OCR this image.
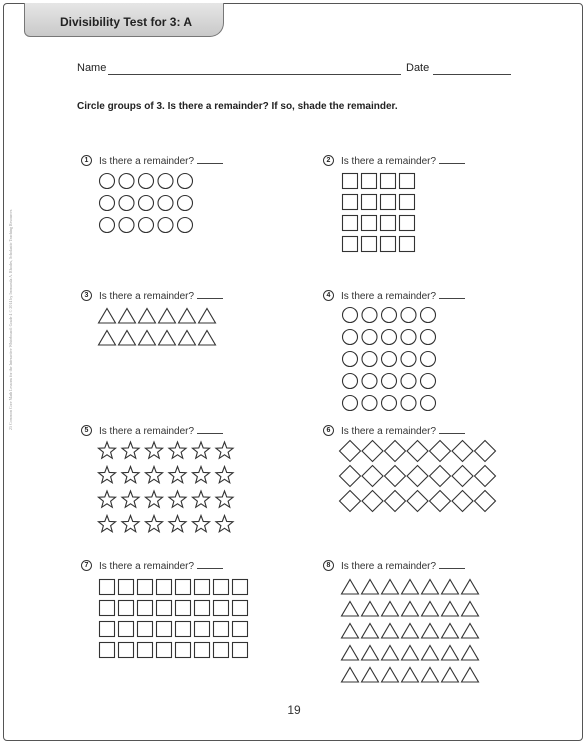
Divisibility Test for 3: A
Name	Date
Circle groups of 3. Is there a remainder? If so, shade the remainder.
1	Is there a remainder?	2	Is there a remainder?
3	Is there a remainder?	4	Is there a remainder?
5	Is there a remainder?	6	Is there a remainder?
7	Is there a remainder?	8	Is there a remainder?
25 Common Core Math Lessons for the Interactive Whiteboard: Grade 4 © 2014 by Immacula A. Rhodes, Scholastic Teaching Resources
19
